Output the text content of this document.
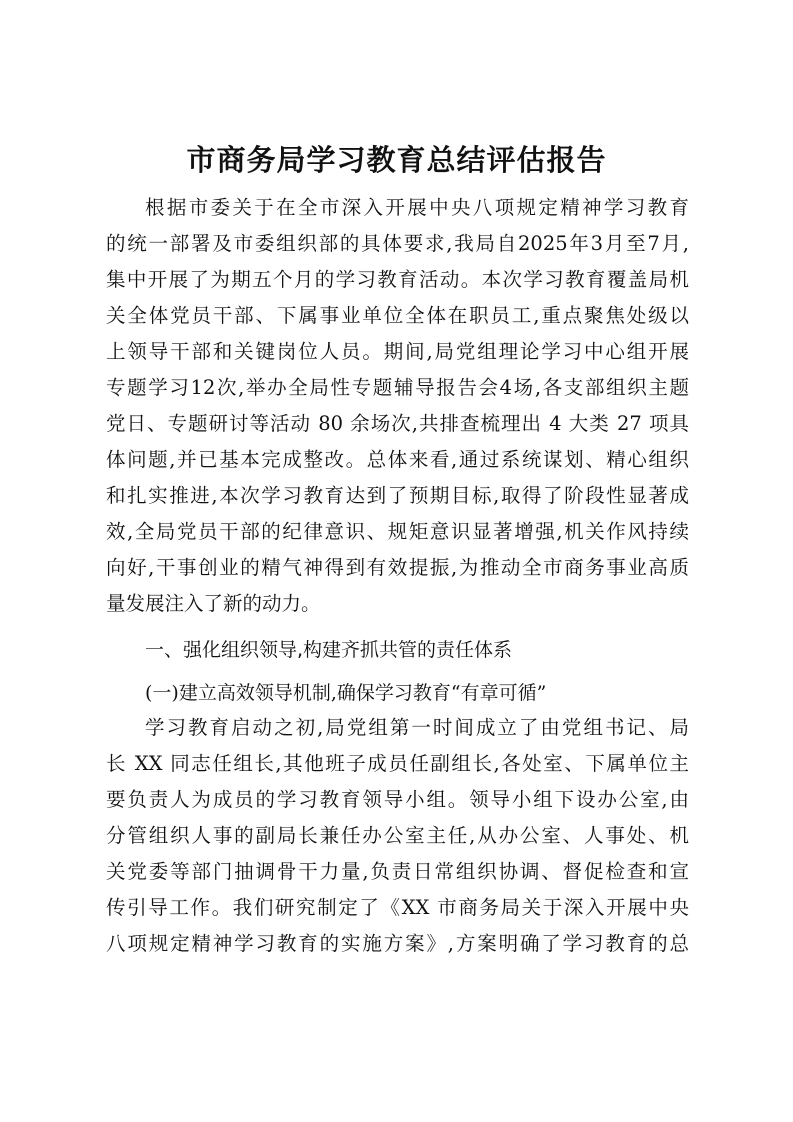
市商务局学习教育总结评估报告
根据市委关于在全市深入开展中央八项规定精神学习教育
的统一部署及市委组织部的具体要求,我局自2025年3月至7月,
集中开展了为期五个月的学习教育活动。本次学习教育覆盖局机
关全体党员干部、下属事业单位全体在职员工,重点聚焦处级以
上领导干部和关键岗位人员。期间,局党组理论学习中心组开展
专题学习12次,举办全局性专题辅导报告会4场,各支部组织主题
党日、专题研讨等活动 80 余场次,共排查梳理出 4 大类 27 项具
体问题,并已基本完成整改。总体来看,通过系统谋划、精心组织
和扎实推进,本次学习教育达到了预期目标,取得了阶段性显著成
效,全局党员干部的纪律意识、规矩意识显著增强,机关作风持续
向好,干事创业的精气神得到有效提振,为推动全市商务事业高质
量发展注入了新的动力。
一、强化组织领导,构建齐抓共管的责任体系
(一)建立高效领导机制,确保学习教育“有章可循”
学习教育启动之初,局党组第一时间成立了由党组书记、局
长 XX 同志任组长,其他班子成员任副组长,各处室、下属单位主
要负责人为成员的学习教育领导小组。领导小组下设办公室,由
分管组织人事的副局长兼任办公室主任,从办公室、人事处、机
关党委等部门抽调骨干力量,负责日常组织协调、督促检查和宣
传引导工作。我们研究制定了《XX 市商务局关于深入开展中央
八项规定精神学习教育的实施方案》,方案明确了学习教育的总
